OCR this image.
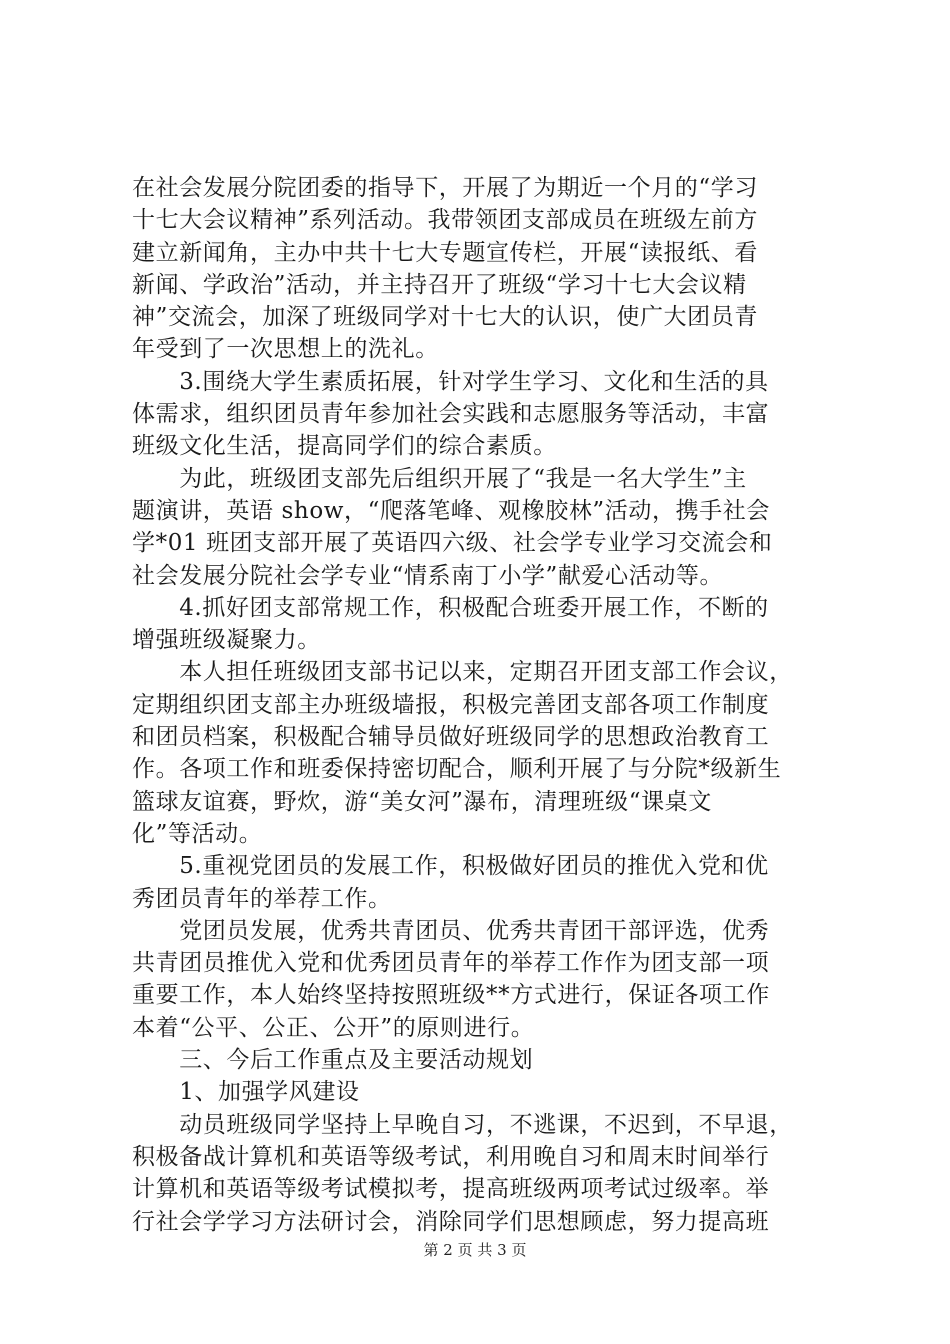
在社会发展分院团委的指导下，开展了为期近一个月的“学习
十七大会议精神”系列活动。我带领团支部成员在班级左前方
建立新闻角，主办中共十七大专题宣传栏，开展“读报纸、看
新闻、学政治”活动，并主持召开了班级“学习十七大会议精
神”交流会，加深了班级同学对十七大的认识，使广大团员青
年受到了一次思想上的洗礼。
　　3.围绕大学生素质拓展，针对学生学习、文化和生活的具
体需求，组织团员青年参加社会实践和志愿服务等活动，丰富
班级文化生活，提高同学们的综合素质。
　　为此，班级团支部先后组织开展了“我是一名大学生”主
题演讲，英语 show，“爬落笔峰、观橡胶林”活动，携手社会
学*01 班团支部开展了英语四六级、社会学专业学习交流会和
社会发展分院社会学专业“情系南丁小学”献爱心活动等。
　　4.抓好团支部常规工作，积极配合班委开展工作，不断的
增强班级凝聚力。
　　本人担任班级团支部书记以来，定期召开团支部工作会议，
定期组织团支部主办班级墙报，积极完善团支部各项工作制度
和团员档案，积极配合辅导员做好班级同学的思想政治教育工
作。各项工作和班委保持密切配合，顺利开展了与分院*级新生
篮球友谊赛，野炊，游“美女河”瀑布，清理班级“课桌文
化”等活动。
　　5.重视党团员的发展工作，积极做好团员的推优入党和优
秀团员青年的举荐工作。
　　党团员发展，优秀共青团员、优秀共青团干部评选，优秀
共青团员推优入党和优秀团员青年的举荐工作作为团支部一项
重要工作，本人始终坚持按照班级**方式进行，保证各项工作
本着“公平、公正、公开”的原则进行。
　　三、今后工作重点及主要活动规划
　　1、加强学风建设
　　动员班级同学坚持上早晚自习，不逃课，不迟到，不早退，
积极备战计算机和英语等级考试，利用晚自习和周末时间举行
计算机和英语等级考试模拟考，提高班级两项考试过级率。举
行社会学学习方法研讨会，消除同学们思想顾虑，努力提高班
第 2 页 共 3 页
